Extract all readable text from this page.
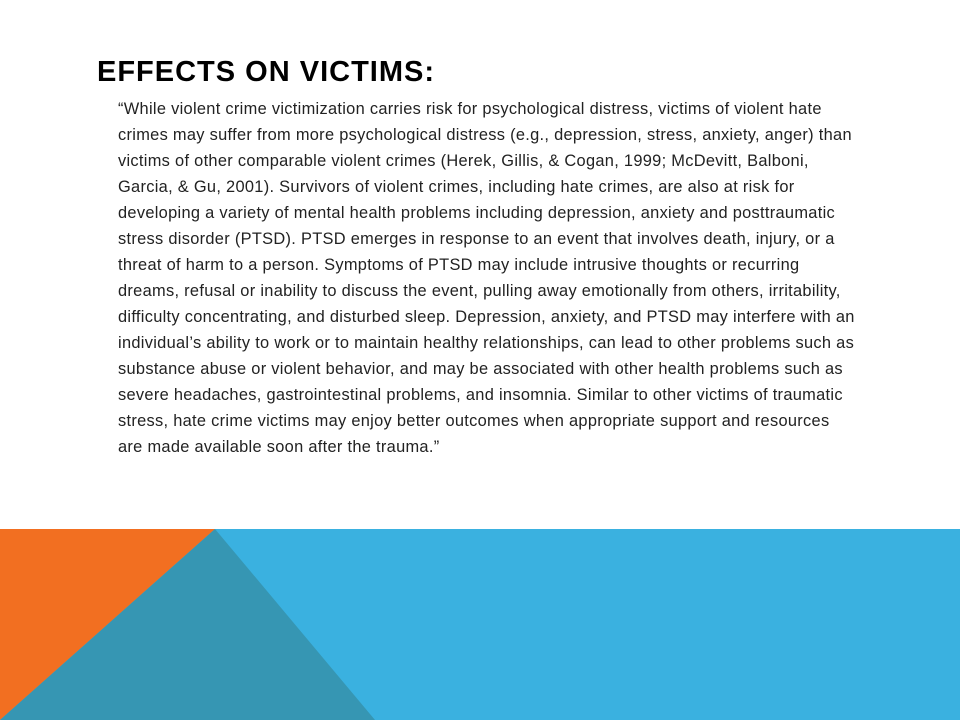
EFFECTS ON VICTIMS:

“While violent crime victimization carries risk for psychological distress, victims of violent hate crimes may suffer from more psychological distress (e.g., depression, stress, anxiety, anger) than victims of other comparable violent crimes (Herek, Gillis, & Cogan, 1999; McDevitt, Balboni, Garcia, & Gu, 2001). Survivors of violent crimes, including hate crimes, are also at risk for developing a variety of mental health problems including depression, anxiety and posttraumatic stress disorder (PTSD). PTSD emerges in response to an event that involves death, injury, or a threat of harm to a person. Symptoms of PTSD may include intrusive thoughts or recurring dreams, refusal or inability to discuss the event, pulling away emotionally from others, irritability, difficulty concentrating, and disturbed sleep. Depression, anxiety, and PTSD may interfere with an individual’s ability to work or to maintain healthy relationships, can lead to other problems such as substance abuse or violent behavior, and may be associated with other health problems such as severe headaches, gastrointestinal problems, and insomnia. Similar to other victims of traumatic stress, hate crime victims may enjoy better outcomes when appropriate support and resources are made available soon after the trauma.”
